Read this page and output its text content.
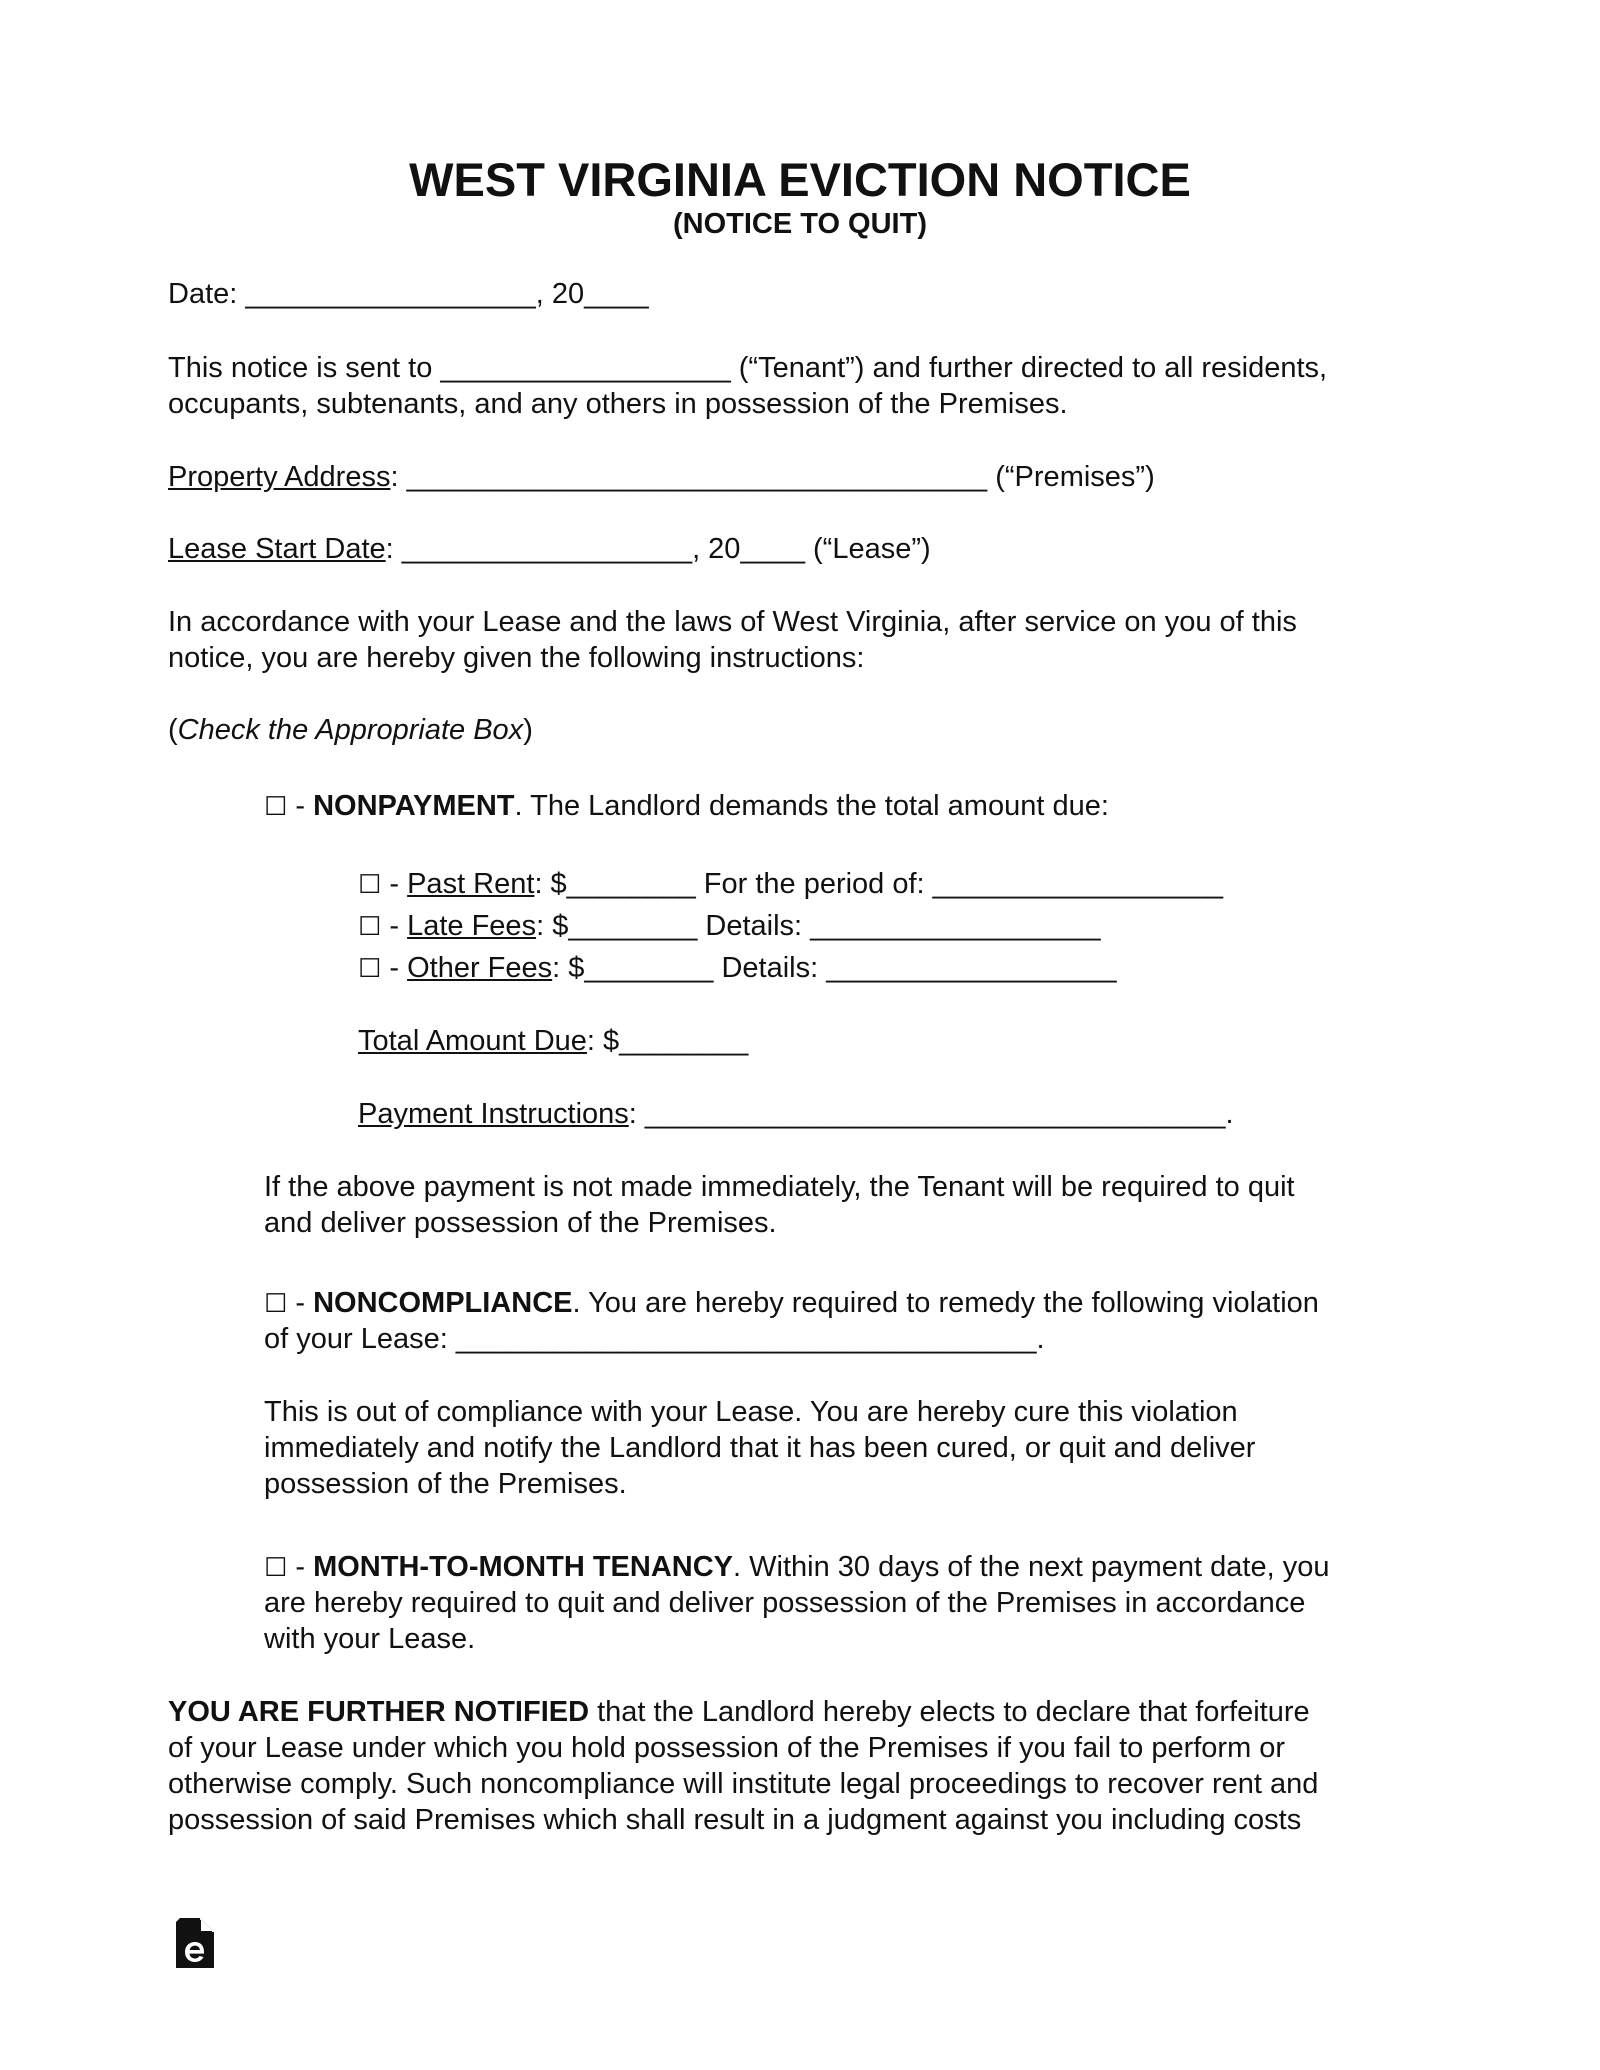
WEST VIRGINIA EVICTION NOTICE
(NOTICE TO QUIT)
Date: __________________, 20____
This notice is sent to __________________ (“Tenant”) and further directed to all residents,
occupants, subtenants, and any others in possession of the Premises.
Property Address: ____________________________________ (“Premises”)
Lease Start Date: __________________, 20____ (“Lease”)
In accordance with your Lease and the laws of West Virginia, after service on you of this
notice, you are hereby given the following instructions:
(Check the Appropriate Box)
☐ - NONPAYMENT. The Landlord demands the total amount due:
☐ - Past Rent: $________ For the period of: __________________
☐ - Late Fees: $________ Details: __________________
☐ - Other Fees: $________ Details: __________________
Total Amount Due: $________
Payment Instructions: ____________________________________.
If the above payment is not made immediately, the Tenant will be required to quit
and deliver possession of the Premises.
☐ - NONCOMPLIANCE. You are hereby required to remedy the following violation
of your Lease: ____________________________________.
This is out of compliance with your Lease. You are hereby cure this violation
immediately and notify the Landlord that it has been cured, or quit and deliver
possession of the Premises.
☐ - MONTH-TO-MONTH TENANCY. Within 30 days of the next payment date, you
are hereby required to quit and deliver possession of the Premises in accordance
with your Lease.
YOU ARE FURTHER NOTIFIED that the Landlord hereby elects to declare that forfeiture
of your Lease under which you hold possession of the Premises if you fail to perform or
otherwise comply. Such noncompliance will institute legal proceedings to recover rent and
possession of said Premises which shall result in a judgment against you including costs
